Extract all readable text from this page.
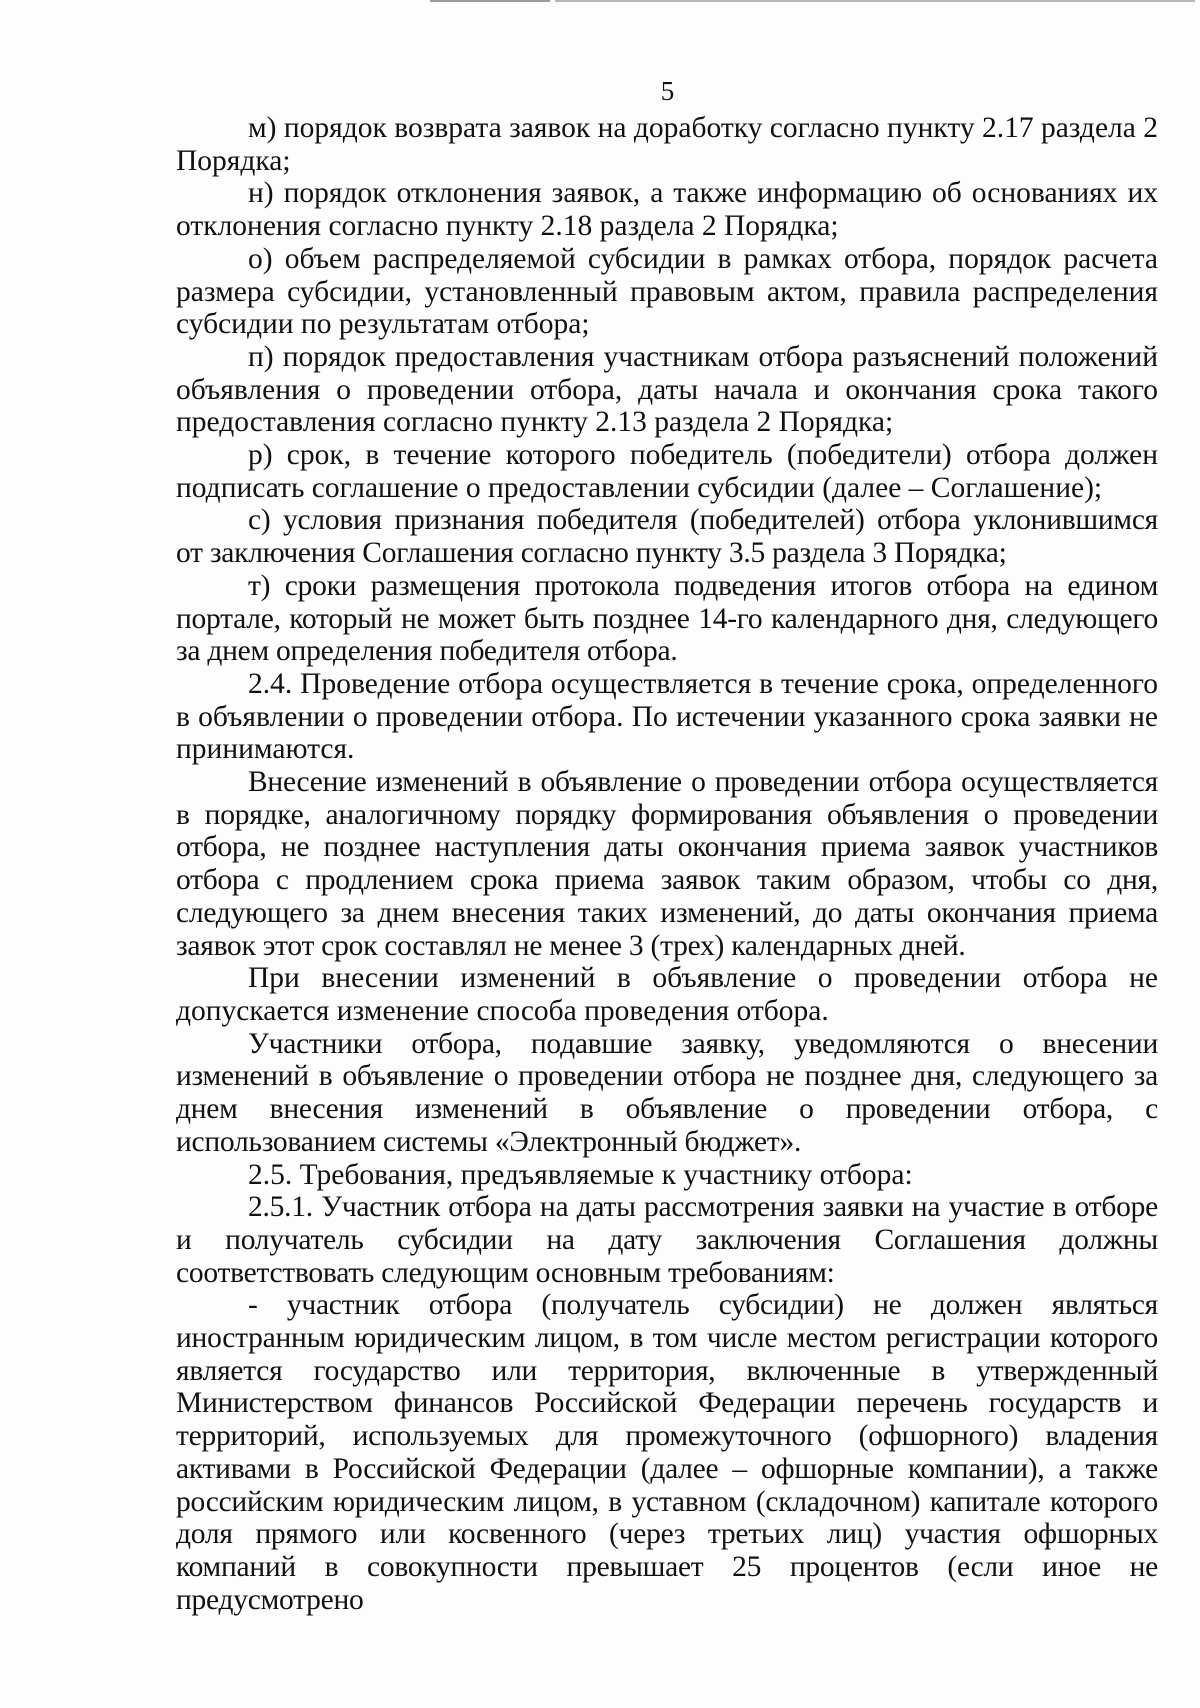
5

м) порядок возврата заявок на доработку согласно пункту 2.17 раздела 2 Порядка;

н) порядок отклонения заявок, а также информацию об основаниях их отклонения согласно пункту 2.18 раздела 2 Порядка;

о) объем распределяемой субсидии в рамках отбора, порядок расчета размера субсидии, установленный правовым актом, правила распределения субсидии по результатам отбора;

п) порядок предоставления участникам отбора разъяснений положений объявления о проведении отбора, даты начала и окончания срока такого предоставления согласно пункту 2.13 раздела 2 Порядка;

р) срок, в течение которого победитель (победители) отбора должен подписать соглашение о предоставлении субсидии (далее – Соглашение);

с) условия признания победителя (победителей) отбора уклонившимся от заключения Соглашения согласно пункту 3.5 раздела 3 Порядка;

т) сроки размещения протокола подведения итогов отбора на едином портале, который не может быть позднее 14-го календарного дня, следующего за днем определения победителя отбора.

2.4. Проведение отбора осуществляется в течение срока, определенного в объявлении о проведении отбора. По истечении указанного срока заявки не принимаются.

Внесение изменений в объявление о проведении отбора осуществляется в порядке, аналогичному порядку формирования объявления о проведении отбора, не позднее наступления даты окончания приема заявок участников отбора с продлением срока приема заявок таким образом, чтобы со дня, следующего за днем внесения таких изменений, до даты окончания приема заявок этот срок составлял не менее 3 (трех) календарных дней.

При внесении изменений в объявление о проведении отбора не допускается изменение способа проведения отбора.

Участники отбора, подавшие заявку, уведомляются о внесении изменений в объявление о проведении отбора не позднее дня, следующего за днем внесения изменений в объявление о проведении отбора, с использованием системы «Электронный бюджет».

2.5. Требования, предъявляемые к участнику отбора:

2.5.1. Участник отбора на даты рассмотрения заявки на участие в отборе и получатель субсидии на дату заключения Соглашения должны соответствовать следующим основным требованиям:

- участник отбора (получатель субсидии) не должен являться иностранным юридическим лицом, в том числе местом регистрации которого является государство или территория, включенные в утвержденный Министерством финансов Российской Федерации перечень государств и территорий, используемых для промежуточного (офшорного) владения активами в Российской Федерации (далее – офшорные компании), а также российским юридическим лицом, в уставном (складочном) капитале которого доля прямого или косвенного (через третьих лиц) участия офшорных компаний в совокупности превышает 25 процентов (если иное не предусмотрено
